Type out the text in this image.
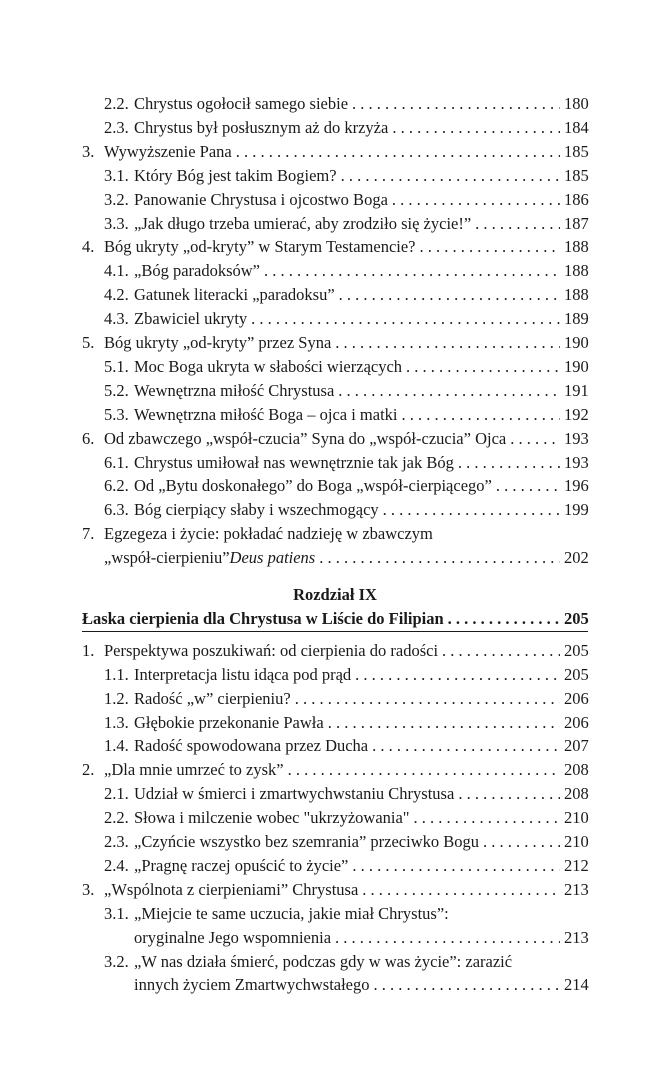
2.2. Chrystus ogołocił samego siebie . . .	180
2.3. Chrystus był posłusznym aż do krzyża . . .	184
3. Wywyższenie Pana . . .	185
3.1. Który Bóg jest takim Bogiem? . . .	185
3.2. Panowanie Chrystusa i ojcostwo Boga . . .	186
3.3. „Jak długo trzeba umierać, aby zrodziło się życie!” . . .	187
4. Bóg ukryty „od-kryty” w Starym Testamencie? . . .	188
4.1. „Bóg paradoksów” . . .	188
4.2. Gatunek literacki „paradoksu” . . .	188
4.3. Zbawiciel ukryty . . .	189
5. Bóg ukryty „od-kryty” przez Syna . . .	190
5.1. Moc Boga ukryta w słabości wierzących . . .	190
5.2. Wewnętrzna miłość Chrystusa . . .	191
5.3. Wewnętrzna miłość Boga – ojca i matki . . .	192
6. Od zbawczego „współ-czucia” Syna do „współ-czucia” Ojca . . .	193
6.1. Chrystus umiłował nas wewnętrznie tak jak Bóg . . .	193
6.2. Od „Bytu doskonałego” do Boga „współ-cierpiącego” . . .	196
6.3. Bóg cierpiący słaby i wszechmogący . . .	199
7. Egzegeza i życie: pokładać nadzieję w zbawczym
„współ-cierpieniu” Deus patiens . . .	202
Rozdział IX
Łaska cierpienia dla Chrystusa w Liście do Filipian . . .	205
1. Perspektywa poszukiwań: od cierpienia do radości . . .	205
1.1. Interpretacja listu idąca pod prąd . . .	205
1.2. Radość „w” cierpieniu? . . .	206
1.3. Głębokie przekonanie Pawła . . .	206
1.4. Radość spowodowana przez Ducha . . .	207
2. „Dla mnie umrzeć to zysk” . . .	208
2.1. Udział w śmierci i zmartwychwstaniu Chrystusa . . .	208
2.2. Słowa i milczenie wobec "ukrzyżowania" . . .	210
2.3. „Czyńcie wszystko bez szemrania” przeciwko Bogu . . .	210
2.4. „Pragnę raczej opuścić to życie” . . .	212
3. „Wspólnota z cierpieniami” Chrystusa . . .	213
3.1. „Miejcie te same uczucia, jakie miał Chrystus”:
oryginalne Jego wspomnienia . . .	213
3.2. „W nas działa śmierć, podczas gdy w was życie”: zarazić
innych życiem Zmartwychwstałego . . .	214
